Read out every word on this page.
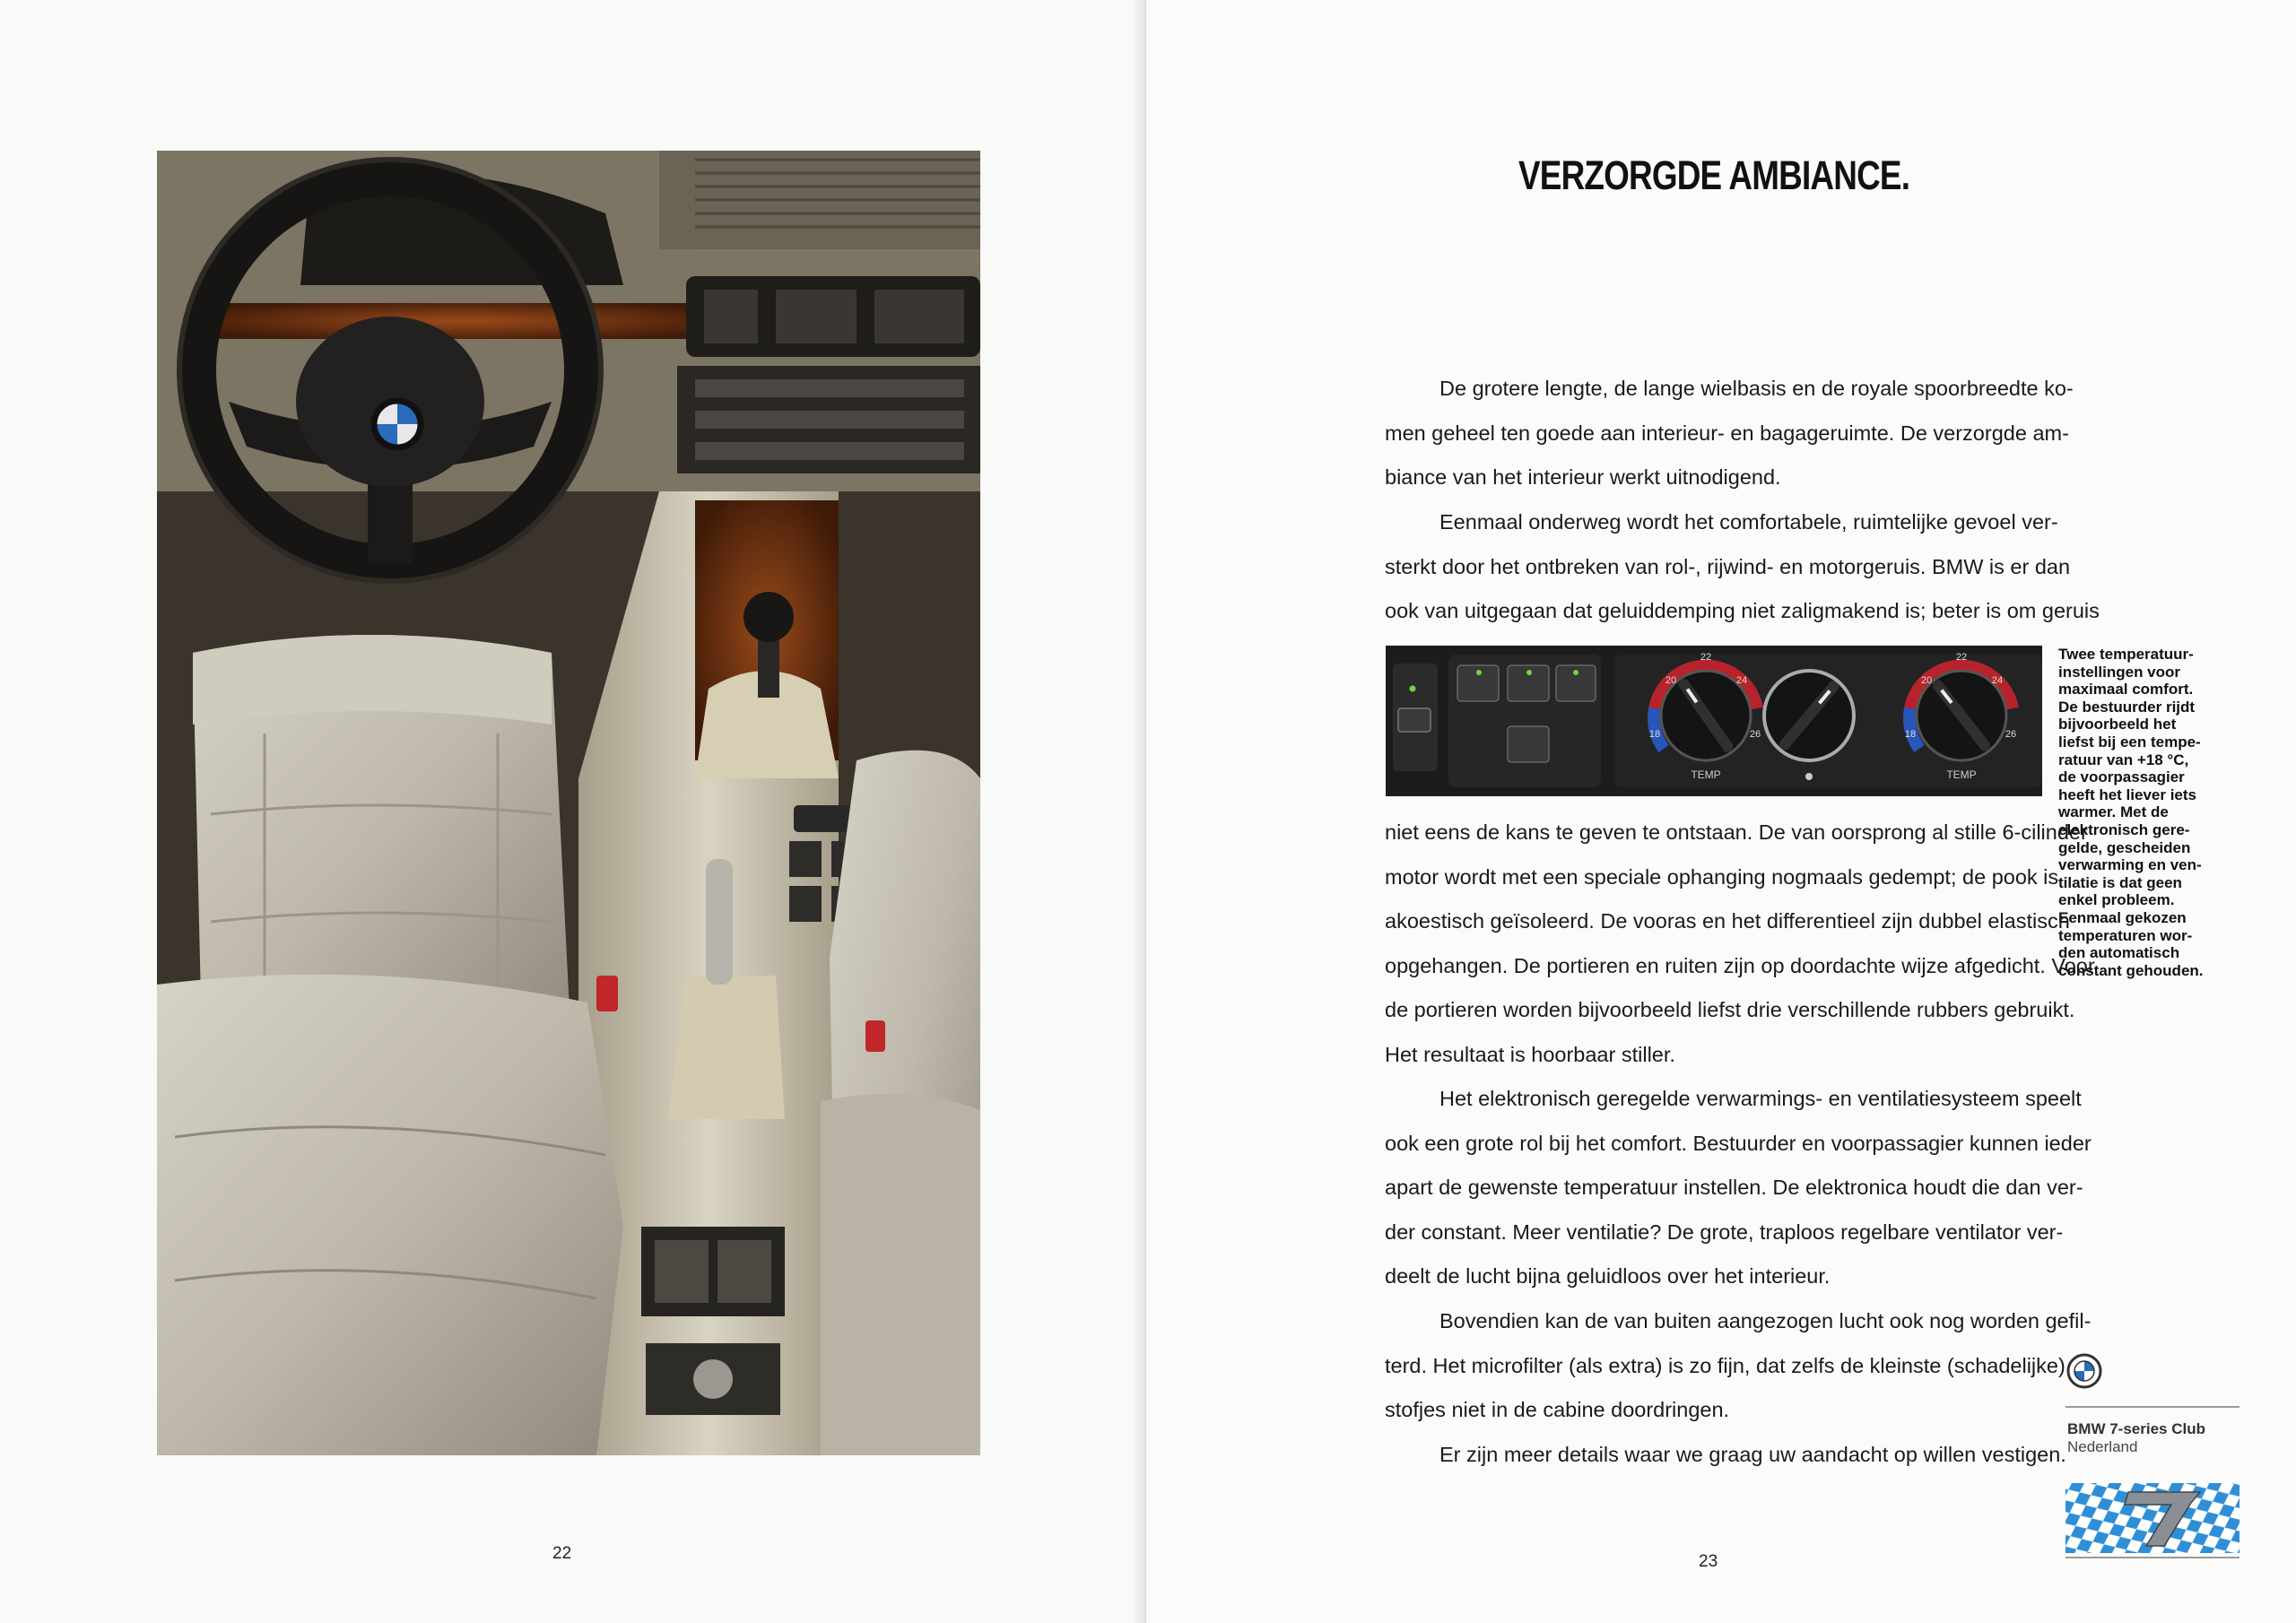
22
VERZORGDE AMBIANCE.

De grotere lengte, de lange wielbasis en de royale spoorbreedte ko-
men geheel ten goede aan interieur- en bagageruimte. De verzorgde am-
biance van het interieur werkt uitnodigend.

Eenmaal onderweg wordt het comfortabele, ruimtelijke gevoel ver-
sterkt door het ontbreken van rol-, rijwind- en motorgeruis. BMW is er dan
ook van uitgegaan dat geluiddemping niet zaligmakend is; beter is om geruis

22
20	24
18	26
22
20	24
18	26
TEMP	TEMP

Twee temperatuur-
instellingen voor
maximaal comfort.
De bestuurder rijdt
bijvoorbeeld het
liefst bij een tempe-
ratuur van +18 °C,
de voorpassagier
heeft het liever iets
warmer. Met de
elektronisch gere-
gelde, gescheiden
verwarming en ven-
tilatie is dat geen
enkel probleem.
Eenmaal gekozen
temperaturen wor-
den automatisch
constant gehouden.

niet eens de kans te geven te ontstaan. De van oorsprong al stille 6-cilinder
motor wordt met een speciale ophanging nogmaals gedempt; de pook is
akoestisch geïsoleerd. De vooras en het differentieel zijn dubbel elastisch
opgehangen. De portieren en ruiten zijn op doordachte wijze afgedicht. Voor
de portieren worden bijvoorbeeld liefst drie verschillende rubbers gebruikt.
Het resultaat is hoorbaar stiller.

Het elektronisch geregelde verwarmings- en ventilatiesysteem speelt
ook een grote rol bij het comfort. Bestuurder en voorpassagier kunnen ieder
apart de gewenste temperatuur instellen. De elektronica houdt die dan ver-
der constant. Meer ventilatie? De grote, traploos regelbare ventilator ver-
deelt de lucht bijna geluidloos over het interieur.

Bovendien kan de van buiten aangezogen lucht ook nog worden gefil-
terd. Het microfilter (als extra) is zo fijn, dat zelfs de kleinste (schadelijke)
stofjes niet in de cabine doordringen.

Er zijn meer details waar we graag uw aandacht op willen vestigen.

BMW 7-series Club
Nederland
23
